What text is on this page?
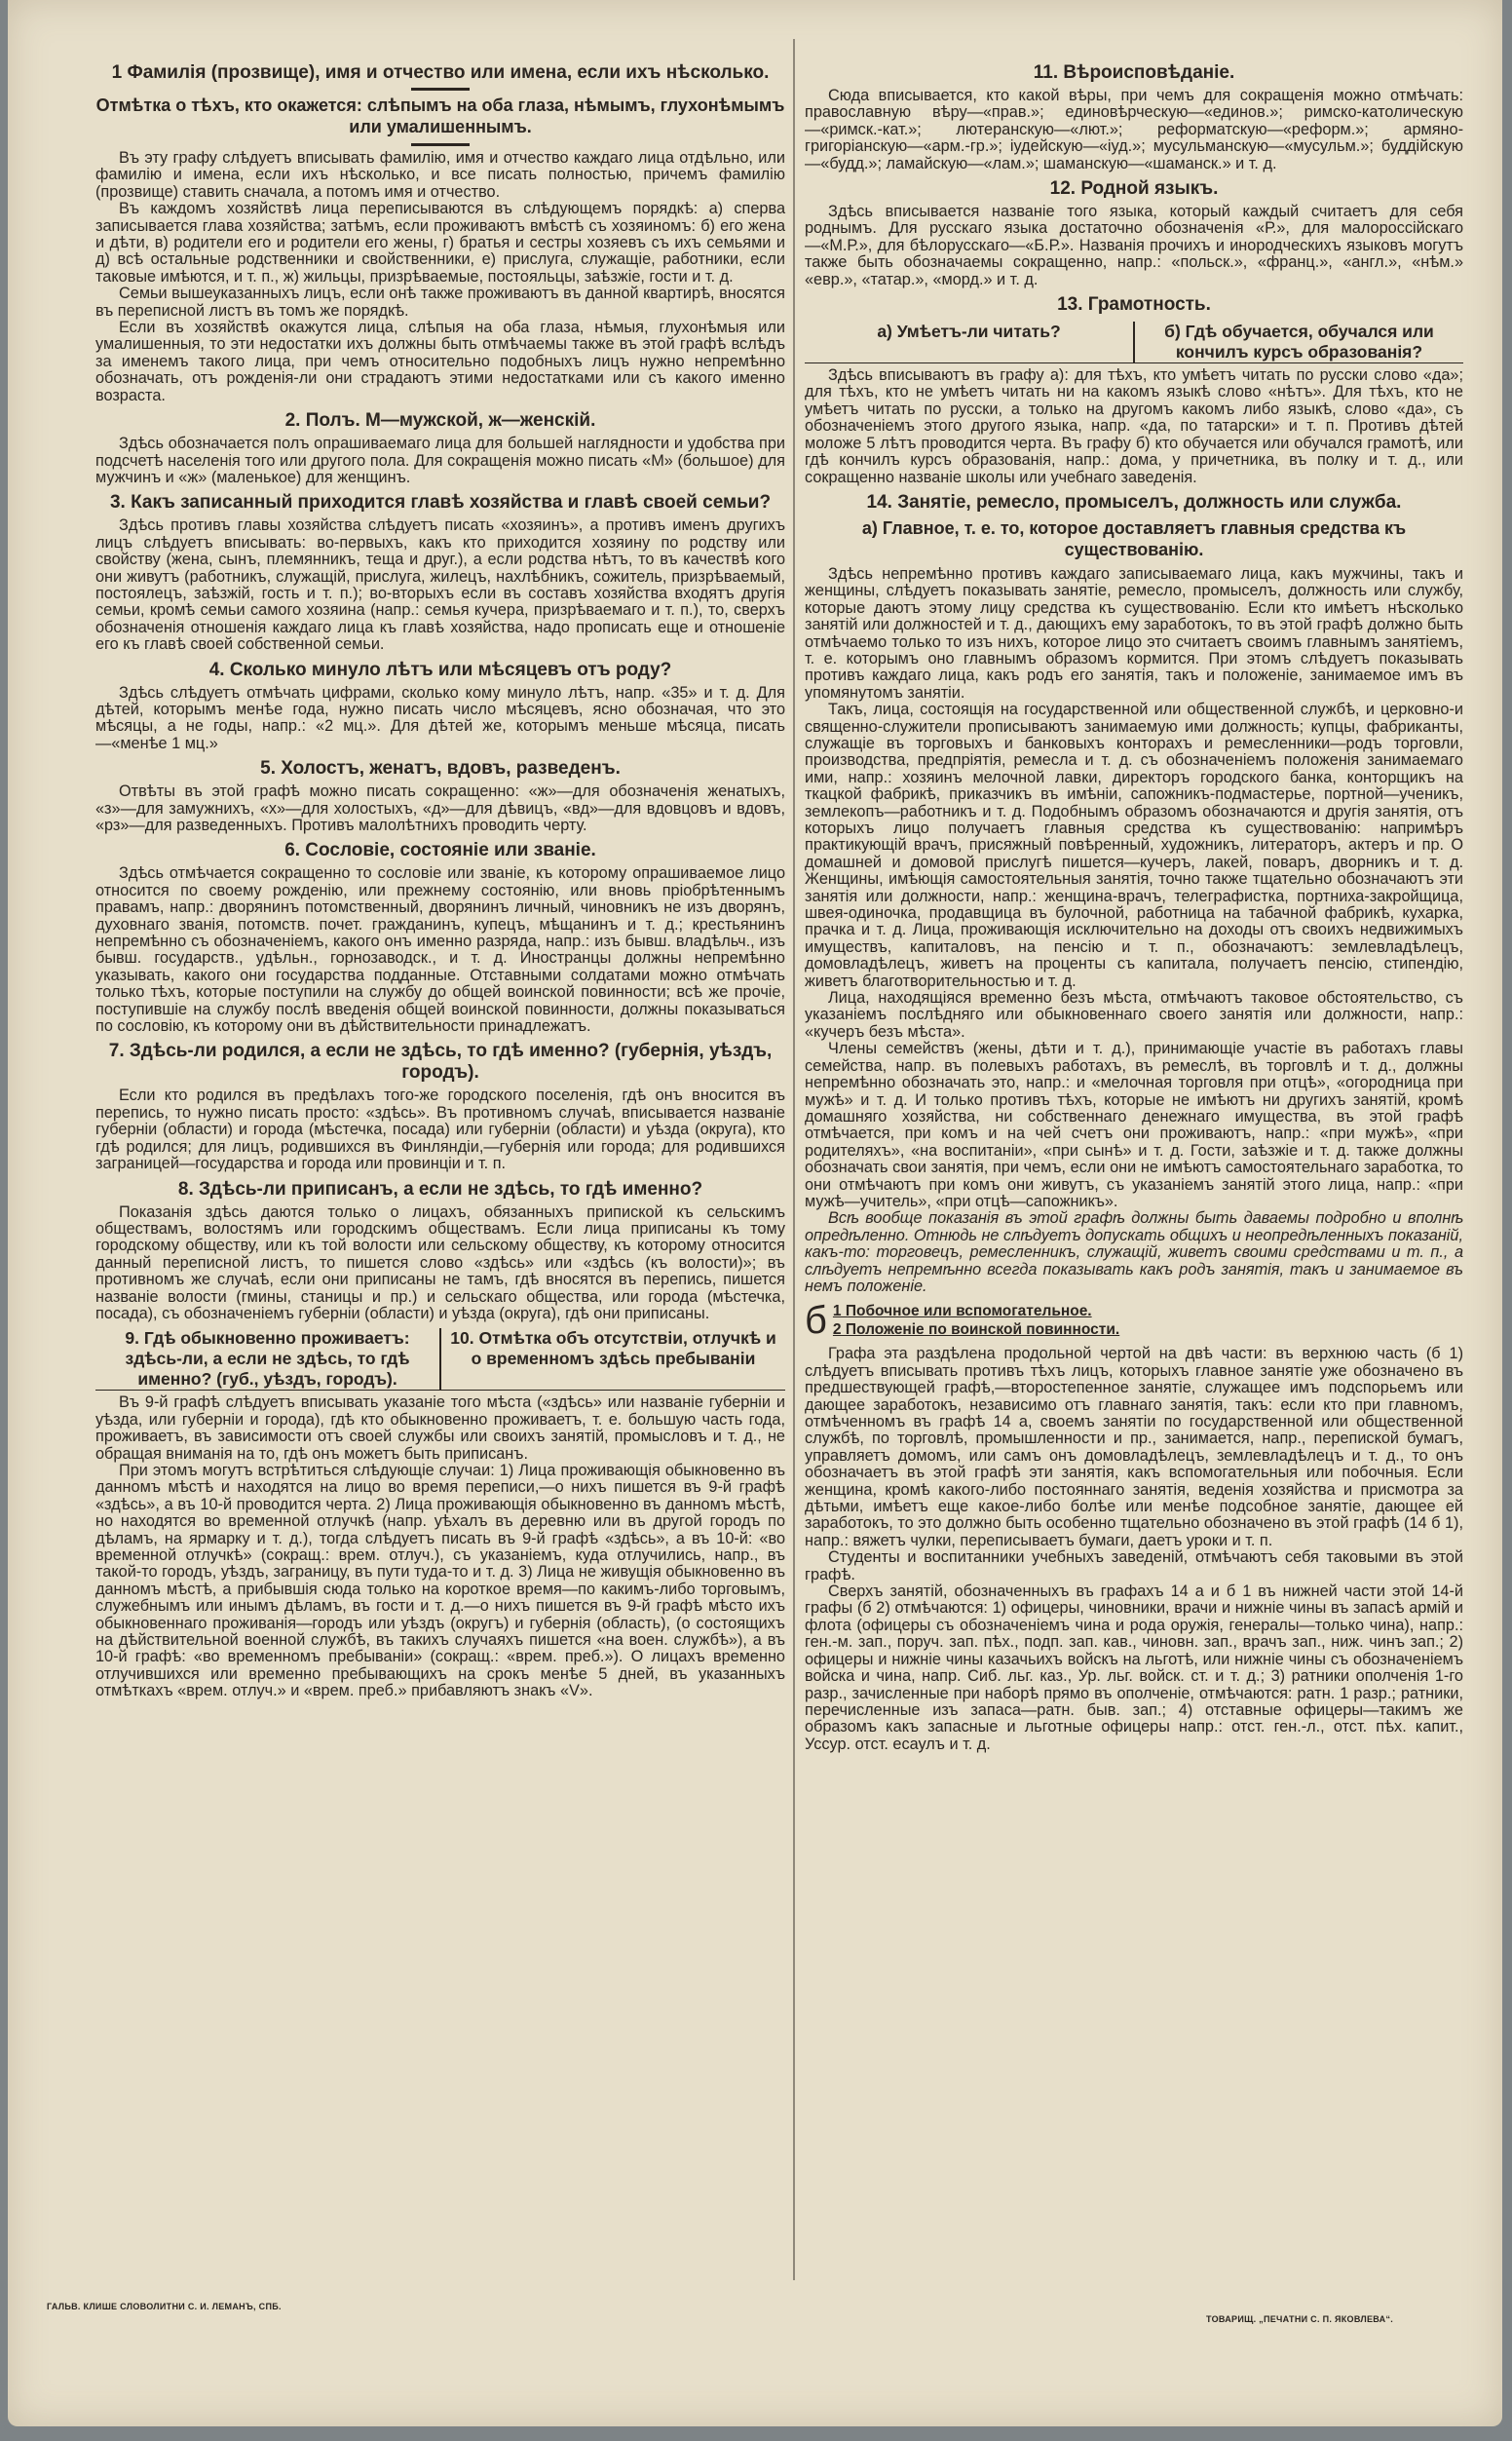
1 Фамилія (прозвище), имя и отчество или имена, если ихъ нѣсколько.
Отмѣтка о тѣхъ, кто окажется: слѣпымъ на оба глаза, нѣмымъ, глухонѣмымъ или умалишеннымъ.

Въ эту графу слѣдуетъ вписывать фамилію, имя и отчество каждаго лица отдѣльно, или фамилію и имена, если ихъ нѣсколько, и все писать полностью, причемъ фамилію (прозвище) ставить сначала, а потомъ имя и отчество.

Въ каждомъ хозяйствѣ лица переписываются въ слѣдующемъ порядкѣ: а) сперва записывается глава хозяйства; затѣмъ, если проживаютъ вмѣстѣ съ хозяиномъ: б) его жена и дѣти, в) родители его и родители его жены, г) братья и сестры хозяевъ съ ихъ семьями и д) всѣ остальные родственники и свойственники, е) прислуга, служащіе, работники, если таковые имѣются, и т. п., ж) жильцы, призрѣваемые, постояльцы, заѣзжіе, гости и т. д.

Семьи вышеуказанныхъ лицъ, если онѣ также проживаютъ въ данной квартирѣ, вносятся въ переписной листъ въ томъ же порядкѣ.

Если въ хозяйствѣ окажутся лица, слѣпыя на оба глаза, нѣмыя, глухонѣмыя или умалишенныя, то эти недостатки ихъ должны быть отмѣчаемы также въ этой графѣ вслѣдъ за именемъ такого лица, при чемъ относительно подобныхъ лицъ нужно непремѣнно обозначать, отъ рожденія-ли они страдаютъ этими недостатками или съ какого именно возраста.

2. Полъ. М—мужской, ж—женскій.

Здѣсь обозначается полъ опрашиваемаго лица для большей наглядности и удобства при подсчетѣ населенія того или другого пола. Для сокращенія можно писать «М» (большое) для мужчинъ и «ж» (маленькое) для женщинъ.

3. Какъ записанный приходится главѣ хозяйства и главѣ своей семьи?

Здѣсь противъ главы хозяйства слѣдуетъ писать «хозяинъ», а противъ именъ другихъ лицъ слѣдуетъ вписывать: во-первыхъ, какъ кто приходится хозяину по родству или свойству (жена, сынъ, племянникъ, теща и друг.), а если родства нѣтъ, то въ качествѣ кого они живутъ (работникъ, служащій, прислуга, жилецъ, нахлѣбникъ, сожитель, призрѣваемый, постоялецъ, заѣзжій, гость и т. п.); во-вторыхъ если въ составъ хозяйства входятъ другія семьи, кромѣ семьи самого хозяина (напр.: семья кучера, призрѣваемаго и т. п.), то, сверхъ обозначенія отношенія каждаго лица къ главѣ хозяйства, надо прописать еще и отношеніе его къ главѣ своей собственной семьи.

4. Сколько минуло лѣтъ или мѣсяцевъ отъ роду?

Здѣсь слѣдуетъ отмѣчать цифрами, сколько кому минуло лѣтъ, напр. «35» и т. д. Для дѣтей, которымъ менѣе года, нужно писать число мѣсяцевъ, ясно обозначая, что это мѣсяцы, а не годы, напр.: «2 мц.». Для дѣтей же, которымъ меньше мѣсяца, писать—«менѣе 1 мц.»

5. Холостъ, женатъ, вдовъ, разведенъ.

Отвѣты въ этой графѣ можно писать сокращенно: «ж»—для обозначенія женатыхъ, «з»—для замужнихъ, «х»—для холостыхъ, «д»—для дѣвицъ, «вд»—для вдовцовъ и вдовъ, «рз»—для разведенныхъ. Противъ малолѣтнихъ проводить черту.

6. Сословіе, состояніе или званіе.

Здѣсь отмѣчается сокращенно то сословіе или званіе, къ которому опрашиваемое лицо относится по своему рожденію, или прежнему состоянію, или вновь пріобрѣтеннымъ правамъ, напр.: дворянинъ потомственный, дворянинъ личный, чиновникъ не изъ дворянъ, духовнаго званія, потомств. почет. гражданинъ, купецъ, мѣщанинъ и т. д.; крестьянинъ непремѣнно съ обозначеніемъ, какого онъ именно разряда, напр.: изъ бывш. владѣльч., изъ бывш. государств., удѣльн., горнозаводск., и т. д. Иностранцы должны непремѣнно указывать, какого они государства подданные. Отставными солдатами можно отмѣчать только тѣхъ, которые поступили на службу до общей воинской повинности; всѣ же прочіе, поступившіе на службу послѣ введенія общей воинской повинности, должны показываться по сословію, къ которому они въ дѣйствительности принадлежатъ.

7. Здѣсь-ли родился, а если не здѣсь, то гдѣ именно? (губернія, уѣздъ, городъ).

Если кто родился въ предѣлахъ того-же городского поселенія, гдѣ онъ вносится въ перепись, то нужно писать просто: «здѣсь». Въ противномъ случаѣ, вписывается названіе губерніи (области) и города (мѣстечка, посада) или губерніи (области) и уѣзда (округа), кто гдѣ родился; для лицъ, родившихся въ Финляндіи,—губернія или города; для родившихся заграницей—государства и города или провинціи и т. п.

8. Здѣсь-ли приписанъ, а если не здѣсь, то гдѣ именно?

Показанія здѣсь даются только о лицахъ, обязанныхъ припиской къ сельскимъ обществамъ, волостямъ или городскимъ обществамъ. Если лица приписаны къ тому городскому обществу, или къ той волости или сельскому обществу, къ которому относится данный переписной листъ, то пишется слово «здѣсь» или «здѣсь (къ волости)»; въ противномъ же случаѣ, если они приписаны не тамъ, гдѣ вносятся въ перепись, пишется названіе волости (гмины, станицы и пр.) и сельскаго общества, или города (мѣстечка, посада), съ обозначеніемъ губерніи (области) и уѣзда (округа), гдѣ они приписаны.

9. Гдѣ обыкновенно проживаетъ: здѣсь-ли, а если не здѣсь, то гдѣ именно? (губ., уѣздъ, городъ).
10. Отмѣтка объ отсутствіи, отлучкѣ и о временномъ здѣсь пребываніи

Въ 9-й графѣ слѣдуетъ вписывать указаніе того мѣста («здѣсь» или названіе губерніи и уѣзда, или губерніи и города), гдѣ кто обыкновенно проживаетъ, т. е. большую часть года, проживаетъ, въ зависимости отъ своей службы или своихъ занятій, промысловъ и т. д., не обращая вниманія на то, гдѣ онъ можетъ быть приписанъ.

При этомъ могутъ встрѣтиться слѣдующіе случаи: 1) Лица проживающія обыкновенно въ данномъ мѣстѣ и находятся на лицо во время переписи,—о нихъ пишется въ 9-й графѣ «здѣсь», а въ 10-й проводится черта. 2) Лица проживающія обыкновенно въ данномъ мѣстѣ, но находятся во временной отлучкѣ (напр. уѣхалъ въ деревню или въ другой городъ по дѣламъ, на ярмарку и т. д.), тогда слѣдуетъ писать въ 9-й графѣ «здѣсь», а въ 10-й: «во временной отлучкѣ» (сокращ.: врем. отлуч.), съ указаніемъ, куда отлучились, напр., въ такой-то городъ, уѣздъ, заграницу, въ пути туда-то и т. д. 3) Лица не живущія обыкновенно въ данномъ мѣстѣ, а прибывшія сюда только на короткое время—по какимъ-либо торговымъ, служебнымъ или инымъ дѣламъ, въ гости и т. д.—о нихъ пишется въ 9-й графѣ мѣсто ихъ обыкновеннаго проживанія—городъ или уѣздъ (округъ) и губернія (область), (о состоящихъ на дѣйствительной военной службѣ, въ такихъ случаяхъ пишется «на воен. службѣ»), а въ 10-й графѣ: «во временномъ пребываніи» (сокращ.: «врем. преб.»). О лицахъ временно отлучившихся или временно пребывающихъ на срокъ менѣе 5 дней, въ указанныхъ отмѣткахъ «врем. отлуч.» и «врем. преб.» прибавляютъ знакъ «V».

11. Вѣроисповѣданіе.

Сюда вписывается, кто какой вѣры, при чемъ для сокращенія можно отмѣчать: православную вѣру—«прав.»; единовѣрческую—«единов.»; римско-католическую—«римск.-кат.»; лютеранскую—«лют.»; реформатскую—«реформ.»; армяно-григоріанскую—«арм.-гр.»; іудейскую—«іуд.»; мусульманскую—«мусульм.»; буддійскую—«будд.»; ламайскую—«лам.»; шаманскую—«шаманск.» и т. д.

12. Родной языкъ.

Здѣсь вписывается названіе того языка, который каждый считаетъ для себя роднымъ. Для русскаго языка достаточно обозначенія «Р.», для малороссійскаго—«М.Р.», для бѣлорусскаго—«Б.Р.». Названія прочихъ и инородческихъ языковъ могутъ также быть обозначаемы сокращенно, напр.: «польск.», «франц.», «англ.», «нѣм.» «евр.», «татар.», «морд.» и т. д.

13. Грамотность.
а) Умѣетъ-ли читать?	б) Гдѣ обучается, обучался или кончилъ курсъ образованія?

Здѣсь вписываютъ въ графу а): для тѣхъ, кто умѣетъ читать по русски слово «да»; для тѣхъ, кто не умѣетъ читать ни на какомъ языкѣ слово «нѣтъ». Для тѣхъ, кто не умѣетъ читать по русски, а только на другомъ какомъ либо языкѣ, слово «да», съ обозначеніемъ этого другого языка, напр. «да, по татарски» и т. п. Противъ дѣтей моложе 5 лѣтъ проводится черта. Въ графу б) кто обучается или обучался грамотѣ, или гдѣ кончилъ курсъ образованія, напр.: дома, у причетника, въ полку и т. д., или сокращенно названіе школы или учебнаго заведенія.

14. Занятіе, ремесло, промыселъ, должность или служба.
а) Главное, т. е. то, которое доставляетъ главныя средства къ существованію.

Здѣсь непремѣнно противъ каждаго записываемаго лица, какъ мужчины, такъ и женщины, слѣдуетъ показывать занятіе, ремесло, промыселъ, должность или службу, которые даютъ этому лицу средства къ существованію. Если кто имѣетъ нѣсколько занятій или должностей и т. д., дающихъ ему заработокъ, то въ этой графѣ должно быть отмѣчаемо только то изъ нихъ, которое лицо это считаетъ своимъ главнымъ занятіемъ, т. е. которымъ оно главнымъ образомъ кормится. При этомъ слѣдуетъ показывать противъ каждаго лица, какъ родъ его занятія, такъ и положеніе, занимаемое имъ въ упомянутомъ занятіи.

Такъ, лица, состоящія на государственной или общественной службѣ, и церковно-и священно-служители прописываютъ занимаемую ими должность; купцы, фабриканты, служащіе въ торговыхъ и банковыхъ конторахъ и ремесленники—родъ торговли, производства, предпріятія, ремесла и т. д. съ обозначеніемъ положенія занимаемаго ими, напр.: хозяинъ мелочной лавки, директоръ городского банка, конторщикъ на ткацкой фабрикѣ, приказчикъ въ имѣніи, сапожникъ-подмастерье, портной—ученикъ, землекопъ—работникъ и т. д. Подобнымъ образомъ обозначаются и другія занятія, отъ которыхъ лицо получаетъ главныя средства къ существованію: напримѣръ практикующій врачъ, присяжный повѣренный, художникъ, литераторъ, актеръ и пр. О домашней и домовой прислугѣ пишется—кучеръ, лакей, поваръ, дворникъ и т. д. Женщины, имѣющія самостоятельныя занятія, точно также тщательно обозначаютъ эти занятія или должности, напр.: женщина-врачъ, телеграфистка, портниха-закройщица, швея-одиночка, продавщица въ булочной, работница на табачной фабрикѣ, кухарка, прачка и т. д. Лица, проживающія исключительно на доходы отъ своихъ недвижимыхъ имуществъ, капиталовъ, на пенсію и т. п., обозначаютъ: землевладѣлецъ, домовладѣлецъ, живетъ на проценты съ капитала, получаетъ пенсію, стипендію, живетъ благотворительностью и т. д.

Лица, находящіяся временно безъ мѣста, отмѣчаютъ таковое обстоятельство, съ указаніемъ послѣдняго или обыкновеннаго своего занятія или должности, напр.: «кучеръ безъ мѣста».

Члены семействъ (жены, дѣти и т. д.), принимающіе участіе въ работахъ главы семейства, напр. въ полевыхъ работахъ, въ ремеслѣ, въ торговлѣ и т. д., должны непремѣнно обозначать это, напр.: и «мелочная торговля при отцѣ», «огородница при мужѣ» и т. д. И только противъ тѣхъ, которые не имѣютъ ни другихъ занятій, кромѣ домашняго хозяйства, ни собственнаго денежнаго имущества, въ этой графѣ отмѣчается, при комъ и на чей счетъ они проживаютъ, напр.: «при мужѣ», «при родителяхъ», «на воспитаніи», «при сынѣ» и т. д. Гости, заѣзжіе и т. д. также должны обозначать свои занятія, при чемъ, если они не имѣютъ самостоятельнаго заработка, то они отмѣчаютъ при комъ они живутъ, съ указаніемъ занятій этого лица, напр.: «при мужѣ—учитель», «при отцѣ—сапожникъ».

Всѣ вообще показанія въ этой графѣ должны быть даваемы подробно и вполнѣ опредѣленно. Отнюдь не слѣдуетъ допускать общихъ и неопредѣленныхъ показаній, какъ-то: торговецъ, ремесленникъ, служащій, живетъ своими средствами и т. п., а слѣдуетъ непремѣнно всегда показывать какъ родъ занятія, такъ и занимаемое въ немъ положеніе.

б 1 Побочное или вспомогательное.
2 Положеніе по воинской повинности.

Графа эта раздѣлена продольной чертой на двѣ части: въ верхнюю часть (б 1) слѣдуетъ вписывать противъ тѣхъ лицъ, которыхъ главное занятіе уже обозначено въ предшествующей графѣ,—второстепенное занятіе, служащее имъ подспорьемъ или дающее заработокъ, независимо отъ главнаго занятія, такъ: если кто при главномъ, отмѣченномъ въ графѣ 14 а, своемъ занятіи по государственной или общественной службѣ, по торговлѣ, промышленности и пр., занимается, напр., перепиской бумагъ, управляетъ домомъ, или самъ онъ домовладѣлецъ, землевладѣлецъ и т. д., то онъ обозначаетъ въ этой графѣ эти занятія, какъ вспомогательныя или побочныя. Если женщина, кромѣ какого-либо постояннаго занятія, веденія хозяйства и присмотра за дѣтьми, имѣетъ еще какое-либо болѣе или менѣе подсобное занятіе, дающее ей заработокъ, то это должно быть особенно тщательно обозначено въ этой графѣ (14 б 1), напр.: вяжетъ чулки, переписываетъ бумаги, даетъ уроки и т. п.

Студенты и воспитанники учебныхъ заведеній, отмѣчаютъ себя таковыми въ этой графѣ.

Сверхъ занятій, обозначенныхъ въ графахъ 14 а и б 1 въ нижней части этой 14-й графы (б 2) отмѣчаются: 1) офицеры, чиновники, врачи и нижніе чины въ запасѣ армій и флота (офицеры съ обозначеніемъ чина и рода оружія, генералы—только чина), напр.: ген.-м. зап., поруч. зап. пѣх., подп. зап. кав., чиновн. зап., врачъ зап., ниж. чинъ зап.; 2) офицеры и нижніе чины казачьихъ войскъ на льготѣ, или нижніе чины съ обозначеніемъ войска и чина, напр. Сиб. льг. каз., Ур. льг. войск. ст. и т. д.; 3) ратники ополченія 1-го разр., зачисленные при наборѣ прямо въ ополченіе, отмѣчаются: ратн. 1 разр.; ратники, перечисленные изъ запаса—ратн. быв. зап.; 4) отставные офицеры—такимъ же образомъ какъ запасные и льготные офицеры напр.: отст. ген.-л., отст. пѣх. капит., Уссур. отст. есаулъ и т. д.

ГАЛЬВ. КЛИШЕ СЛОВОЛИТНИ С. И. ЛЕМАНЪ, СПБ.
ТОВАРИЩ. „ПЕЧАТНИ С. П. ЯКОВЛЕВА“.
